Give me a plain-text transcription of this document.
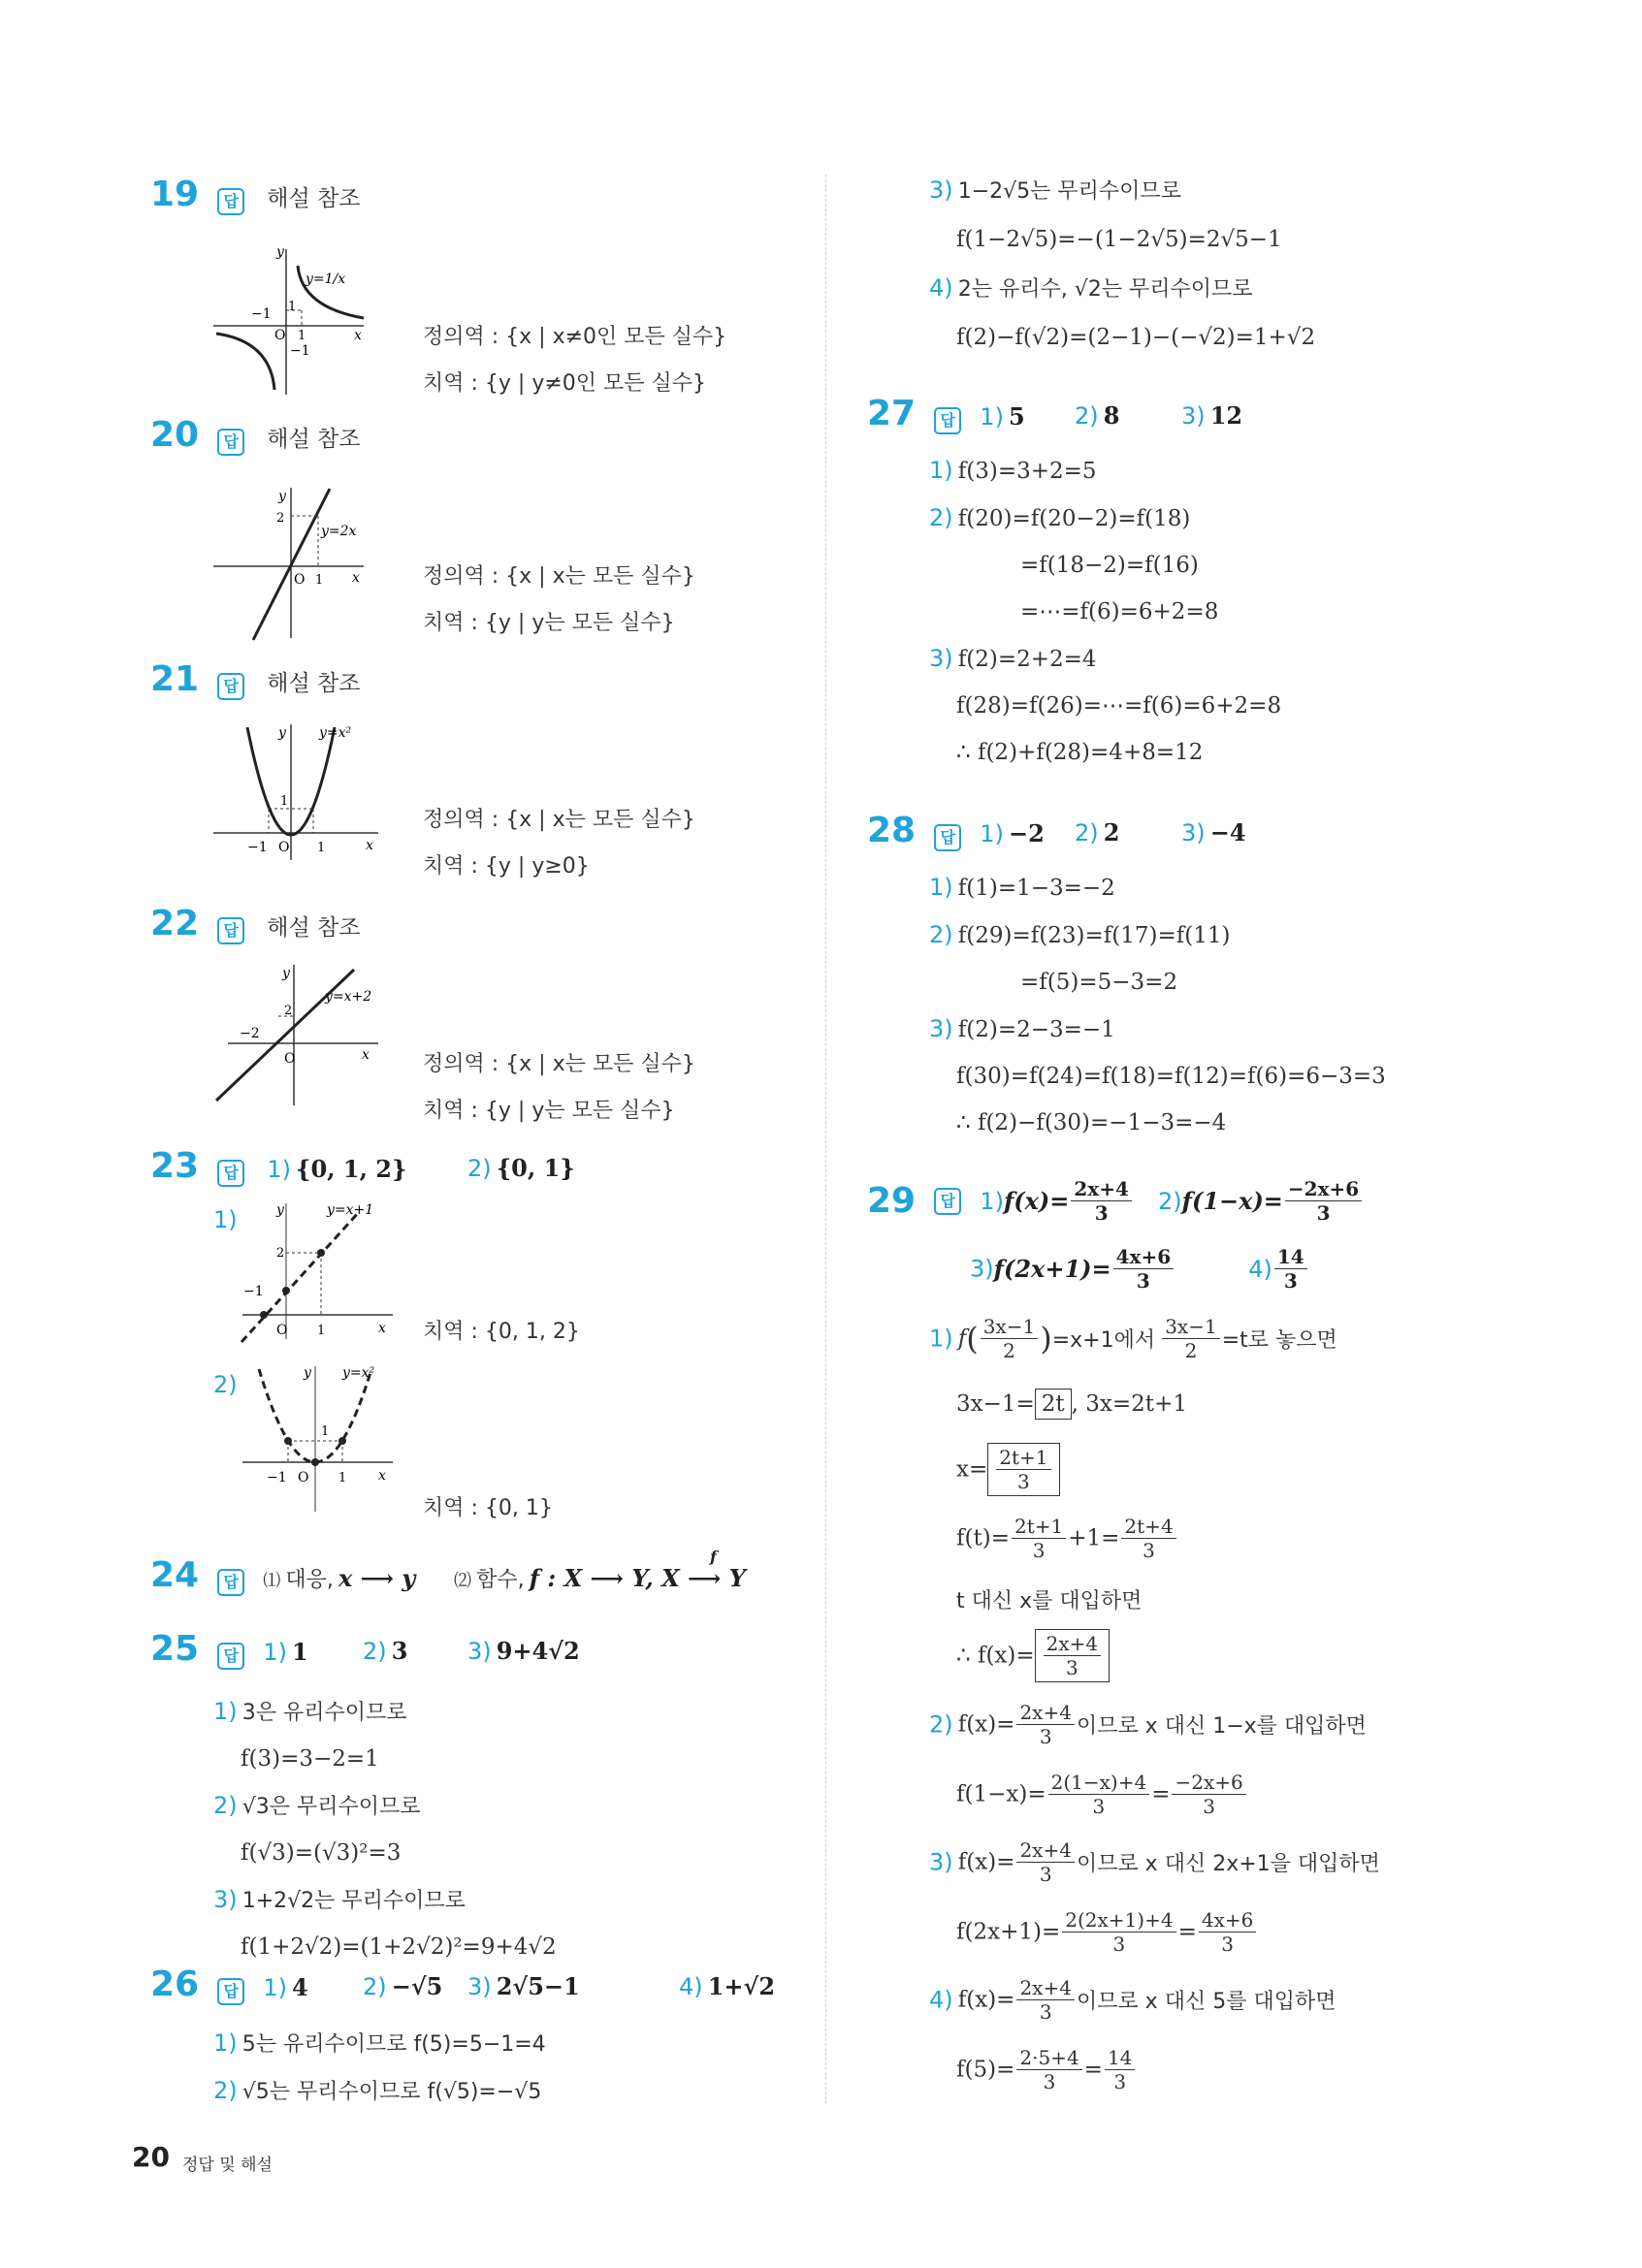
19 답 해설 참조
y
y=1/x
−1 1
O 1
−1
x	정의역 : {x | x≠0인 모든 실수}
치역 : {y | y≠0인 모든 실수}
20 답 해설 참조
y
2
y=2x
O 1 x	정의역 : {x | x는 모든 실수}
치역 : {y | y는 모든 실수}
21 답 해설 참조
y y=x²
1
−1 O 1	x
정의역 : {x | x는 모든 실수}
치역 : {y | y≥0}
22 답 해설 참조
y
2
y=x+2
−2
O	x	정의역 : {x | x는 모든 실수}
치역 : {y | y는 모든 실수}
23 답 1) {0, 1, 2}	2) {0, 1}
1)	y	y=x+1
2
−1
O 1	x 치역 : {0, 1, 2}
2)	y y=x²
1
−1 O 1 x
치역 : {0, 1}
24 답 ⑴ 대응, x ⟶ y ⑵ 함수, f : X ⟶ Y, X ⟶ Y
f
25 답 1) 1 2) 3	3) 9+4√2
1) 3은 유리수이므로
f(3)=3−2=1
2) √3은 무리수이므로
f(√3)=(√3)²=3
3) 1+2√2는 무리수이므로
f(1+2√2)=(1+2√2)²=9+4√2
26 답 1) 4 2) −√5 3) 2√5−1	4) 1+√2
1) 5는 유리수이므로 f(5)=5−1=4
2) √5는 무리수이므로 f(√5)=−√5
3) 1−2√5는 무리수이므로
f(1−2√5)=−(1−2√5)=2√5−1
4) 2는 유리수, √2는 무리수이므로
f(2)−f(√2)=(2−1)−(−√2)=1+√2
27 답 1) 5 2) 8	3) 12
1) f(3)=3+2=5
2) f(20)=f(20−2)=f(18)
=f(18−2)=f(16)
=⋯=f(6)=6+2=8
3) f(2)=2+2=4
f(28)=f(26)=⋯=f(6)=6+2=8
∴ f(2)+f(28)=4+8=12
28 답 1) −2 2) 2	3) −4
1) f(1)=1−3=−2
2) f(29)=f(23)=f(17)=f(11)
=f(5)=5−3=2
3) f(2)=2−3=−1
f(30)=f(24)=f(18)=f(12)=f(6)=6−3=3
∴ f(2)−f(30)=−1−3=−4
29 답 $1)f(x)= \frac{2x+4}{3} 2)f(1-x)= \frac{-2x+6}{3}$
$3)f(2x+1)= \frac{4x+6}{3}$	$4) \frac{14}{3}$
1) $f( \frac{3x-1}{2} )=x+1$에서 $\frac{3x-1}{2} =t$로 놓으면
3x−1= 2t , 3x=2t+1
$x= \frac{2t+1}{3}$
$f(t)= \frac{2t+1}{3} +1= \frac{2t+4}{3}$
t 대신 x를 대입하면
∴ $f(x)= \frac{2x+4}{3}$
2) $f(x)= \frac{2x+4}{3}$ 이므로 x 대신 1−x를 대입하면
$f(1-x)= \frac{2(1-x)+4}{3} = \frac{-2x+6}{3}$
3) $f(x)= \frac{2x+4}{3}$ 이므로 x 대신 2x+1을 대입하면
$f(2x+1)= \frac{2(2x+1)+4}{3} = \frac{4x+6}{3}$
4) $f(x)= \frac{2x+4}{3}$ 이므로 x 대신 5를 대입하면
$f(5)= \frac{2\cdot 5+4}{3} = \frac{14}{3}$
20 정답 및 해설
